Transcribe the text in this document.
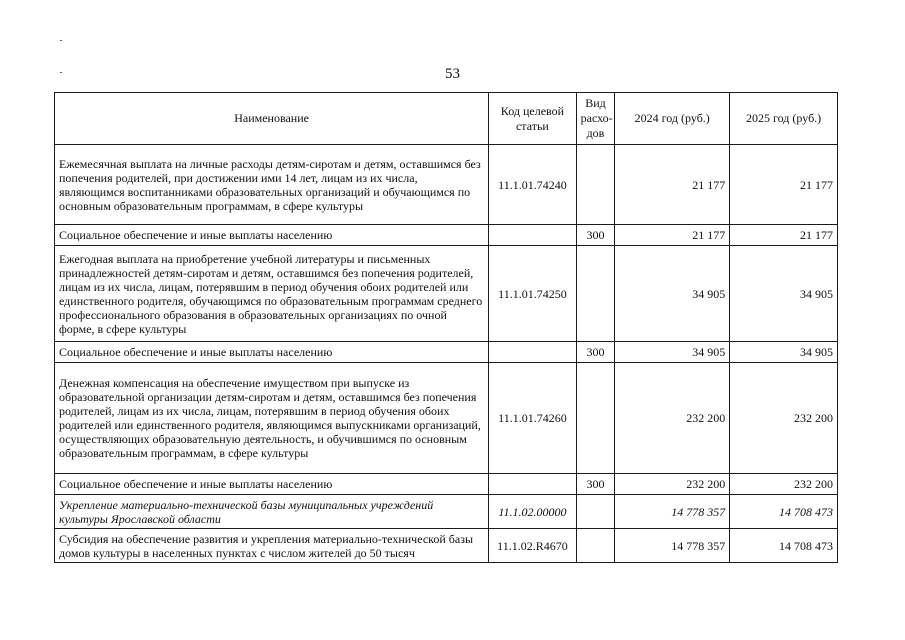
53
Наименование	Код целевой статьи	Вид расхо-дов	2024 год (руб.)	2025 год (руб.)
Ежемесячная выплата на личные расходы детям-сиротам и детям, оставшимся без попечения родителей, при достижении ими 14 лет, лицам из их числа, являющимся воспитанниками образовательных организаций и обучающимся по основным образовательным программам, в сфере культуры	11.1.01.74240		21 177	21 177
Социальное обеспечение и иные выплаты населению		300	21 177	21 177
Ежегодная выплата на приобретение учебной литературы и письменных принадлежностей детям-сиротам и детям, оставшимся без попечения родителей, лицам из их числа, лицам, потерявшим в период обучения обоих родителей или единственного родителя, обучающимся по образовательным программам среднего профессионального образования в образовательных организациях по очной форме, в сфере культуры	11.1.01.74250		34 905	34 905
Социальное обеспечение и иные выплаты населению		300	34 905	34 905
Денежная компенсация на обеспечение имуществом при выпуске из образовательной организации детям-сиротам и детям, оставшимся без попечения родителей, лицам из их числа, лицам, потерявшим в период обучения обоих родителей или единственного родителя, являющимся выпускниками организаций, осуществляющих образовательную деятельность, и обучившимся по основным образовательным программам, в сфере культуры	11.1.01.74260		232 200	232 200
Социальное обеспечение и иные выплаты населению		300	232 200	232 200
Укрепление материально-технической базы муниципальных учреждений культуры Ярославской области	11.1.02.00000		14 778 357	14 708 473
Субсидия на обеспечение развития и укрепления материально-технической базы домов культуры в населенных пунктах с числом жителей до 50 тысяч	11.1.02.R4670		14 778 357	14 708 473
